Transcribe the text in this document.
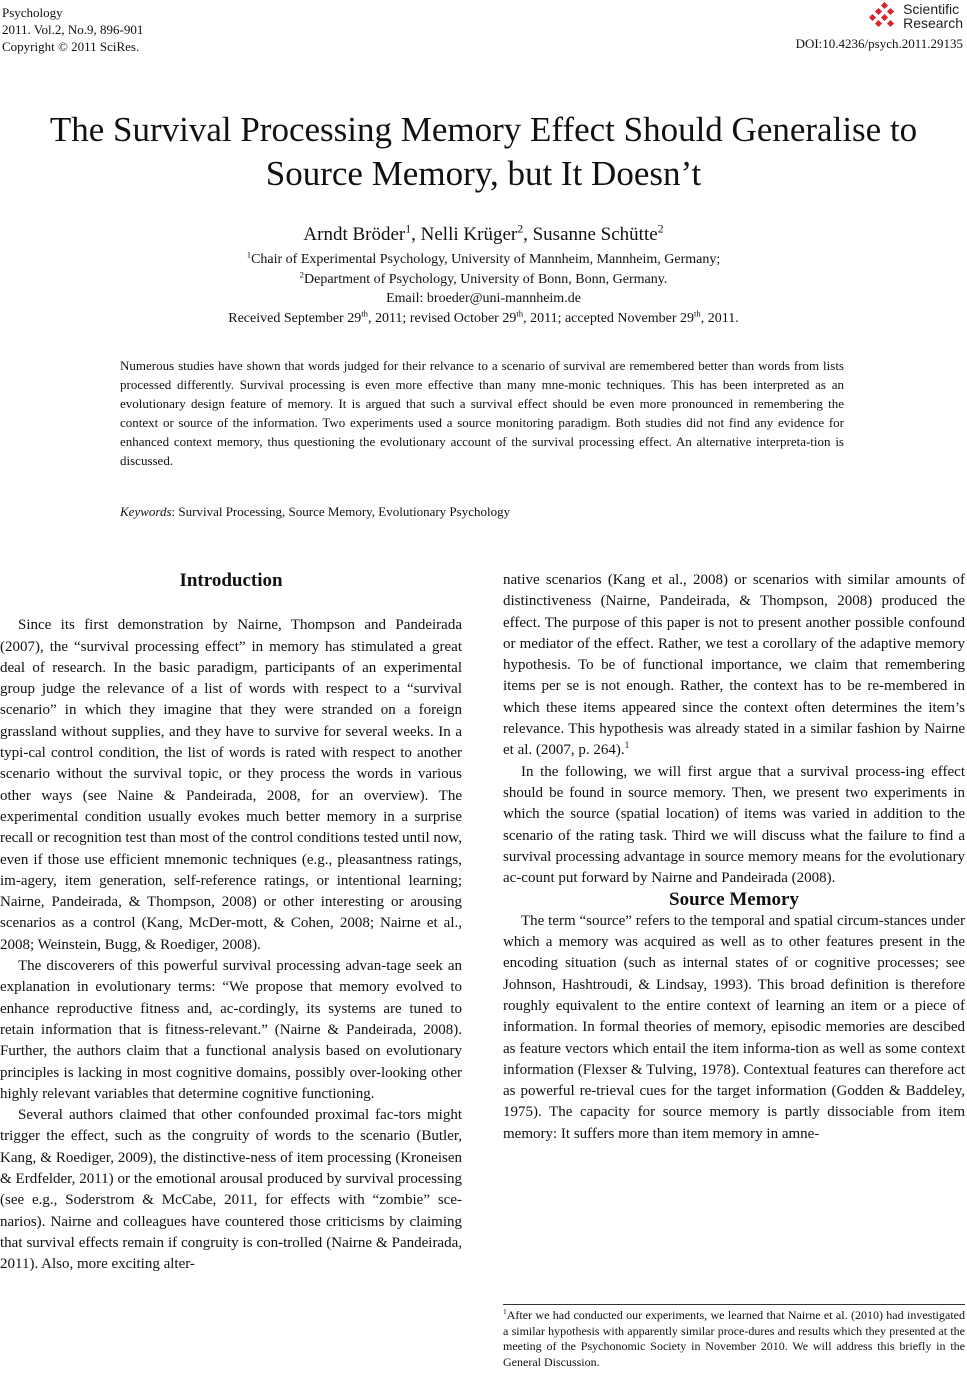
Psychology
2011. Vol.2, No.9, 896-901
Copyright © 2011 SciRes.
Scientific
Research
DOI:10.4236/psych.2011.29135
The Survival Processing Memory Effect Should Generalise to
Source Memory, but It Doesn’t
Arndt Bröder$^1$, Nelli Krüger$^2$, Susanne Schütte$^2$
$^1$Chair of Experimental Psychology, University of Mannheim, Mannheim, Germany;
$^2$Department of Psychology, University of Bonn, Bonn, Germany.
Email: broeder@uni-mannheim.de
Received September 29th, 2011; revised October 29th, 2011; accepted November 29th, 2011.
Numerous studies have shown that words judged for their relvance to a scenario of survival are remembered better than words from lists processed differently. Survival processing is even more effective than many mne-monic techniques. This has been interpreted as an evolutionary design feature of memory. It is argued that such a survival effect should be even more pronounced in remembering the context or source of the information. Two experiments used a source monitoring paradigm. Both studies did not find any evidence for enhanced context memory, thus questioning the evolutionary account of the survival processing effect. An alternative interpreta-tion is discussed.
Keywords: Survival Processing, Source Memory, Evolutionary Psychology
Introduction

Since its first demonstration by Nairne, Thompson and Pandeirada (2007), the “survival processing effect” in memory has stimulated a great deal of research. In the basic paradigm, participants of an experimental group judge the relevance of a list of words with respect to a “survival scenario” in which they imagine that they were stranded on a foreign grassland without supplies, and they have to survive for several weeks. In a typi-cal control condition, the list of words is rated with respect to another scenario without the survival topic, or they process the words in various other ways (see Naine & Pandeirada, 2008, for an overview). The experimental condition usually evokes much better memory in a surprise recall or recognition test than most of the control conditions tested until now, even if those use efficient mnemonic techniques (e.g., pleasantness ratings, im-agery, item generation, self-reference ratings, or intentional learning; Nairne, Pandeirada, & Thompson, 2008) or other interesting or arousing scenarios as a control (Kang, McDer-mott, & Cohen, 2008; Nairne et al., 2008; Weinstein, Bugg, & Roediger, 2008).

The discoverers of this powerful survival processing advan-tage seek an explanation in evolutionary terms: “We propose that memory evolved to enhance reproductive fitness and, ac-cordingly, its systems are tuned to retain information that is fitness-relevant.” (Nairne & Pandeirada, 2008). Further, the authors claim that a functional analysis based on evolutionary principles is lacking in most cognitive domains, possibly over-looking other highly relevant variables that determine cognitive functioning.

Several authors claimed that other confounded proximal fac-tors might trigger the effect, such as the congruity of words to the scenario (Butler, Kang, & Roediger, 2009), the distinctive-ness of item processing (Kroneisen & Erdfelder, 2011) or the emotional arousal produced by survival processing (see e.g., Soderstrom & McCabe, 2011, for effects with “zombie” sce-narios). Nairne and colleagues have countered those criticisms by claiming that survival effects remain if congruity is con-trolled (Nairne & Pandeirada, 2011). Also, more exciting alter-

native scenarios (Kang et al., 2008) or scenarios with similar amounts of distinctiveness (Nairne, Pandeirada, & Thompson, 2008) produced the effect. The purpose of this paper is not to present another possible confound or mediator of the effect. Rather, we test a corollary of the adaptive memory hypothesis. To be of functional importance, we claim that remembering items per se is not enough. Rather, the context has to be re-membered in which these items appeared since the context often determines the item’s relevance. This hypothesis was already stated in a similar fashion by Nairne et al. (2007, p. 264).$^1$

In the following, we will first argue that a survival process-ing effect should be found in source memory. Then, we present two experiments in which the source (spatial location) of items was varied in addition to the scenario of the rating task. Third we will discuss what the failure to find a survival processing advantage in source memory means for the evolutionary ac-count put forward by Nairne and Pandeirada (2008).

Source Memory

The term “source” refers to the temporal and spatial circum-stances under which a memory was acquired as well as to other features present in the encoding situation (such as internal states of or cognitive processes; see Johnson, Hashtroudi, & Lindsay, 1993). This broad definition is therefore roughly equivalent to the entire context of learning an item or a piece of information. In formal theories of memory, episodic memories are descibed as feature vectors which entail the item informa-tion as well as some context information (Flexser & Tulving, 1978). Contextual features can therefore act as powerful re-trieval cues for the target information (Godden & Baddeley, 1975). The capacity for source memory is partly dissociable from item memory: It suffers more than item memory in amne-

$^1$After we had conducted our experiments, we learned that Nairne et al. (2010) had investigated a similar hypothesis with apparently similar proce-dures and results which they presented at the meeting of the Psychonomic Society in November 2010. We will address this briefly in the General Discussion.
